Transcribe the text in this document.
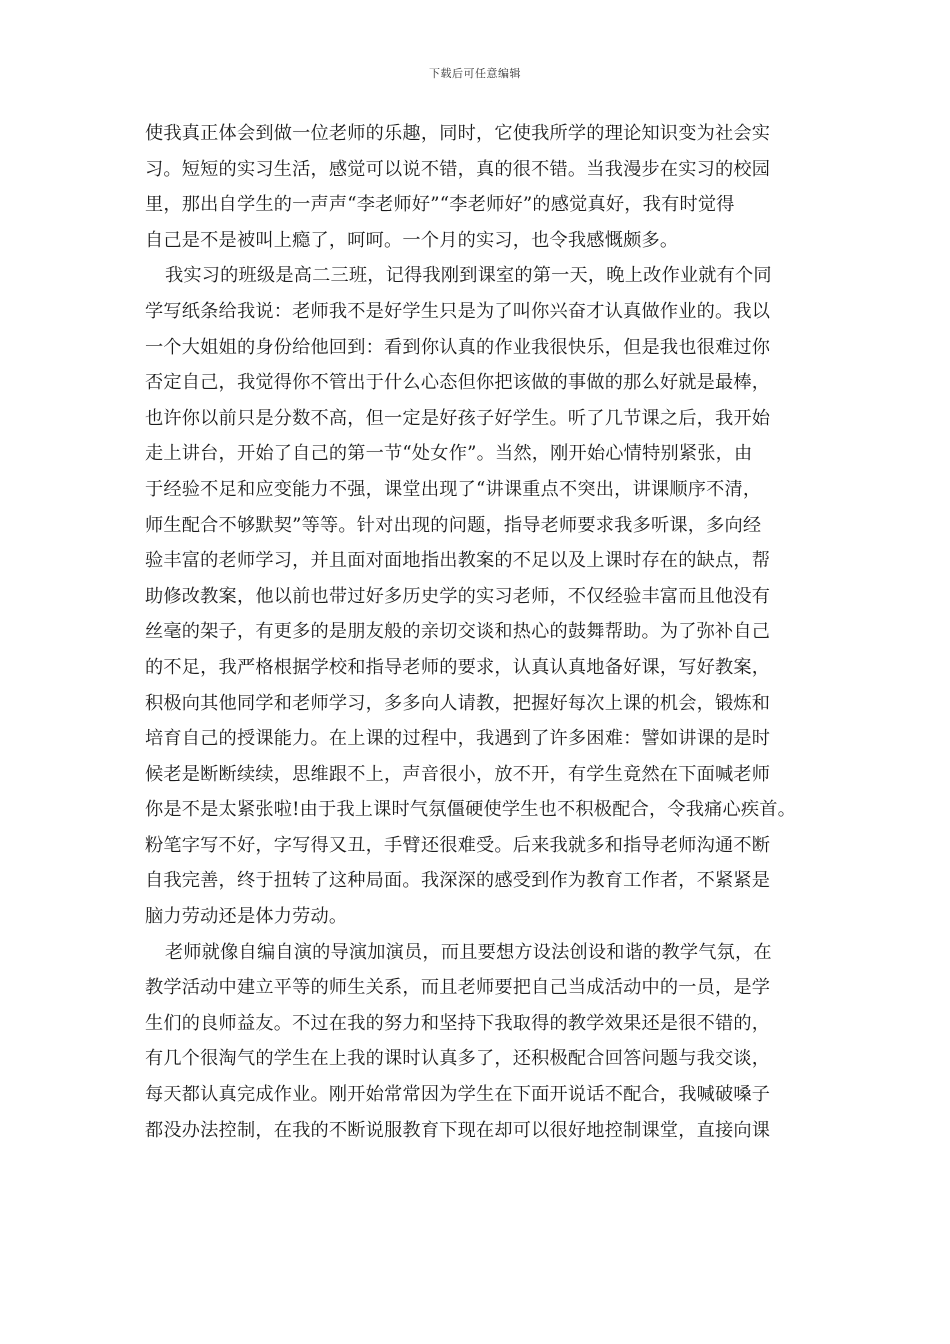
下载后可任意编辑
使我真正体会到做一位老师的乐趣，同时，它使我所学的理论知识变为社会实
习。短短的实习生活，感觉可以说不错，真的很不错。当我漫步在实习的校园
里，那出自学生的一声声“李老师好”“李老师好”的感觉真好，我有时觉得
自己是不是被叫上瘾了，呵呵。一个月的实习，也令我感慨颇多。
我实习的班级是高二三班，记得我刚到课室的第一天，晚上改作业就有个同
学写纸条给我说：老师我不是好学生只是为了叫你兴奋才认真做作业的。我以
一个大姐姐的身份给他回到：看到你认真的作业我很快乐，但是我也很难过你
否定自己，我觉得你不管出于什么心态但你把该做的事做的那么好就是最棒，
也许你以前只是分数不高，但一定是好孩子好学生。听了几节课之后，我开始
走上讲台，开始了自己的第一节“处女作”。当然，刚开始心情特别紧张，由
于经验不足和应变能力不强，课堂出现了“讲课重点不突出，讲课顺序不清，
师生配合不够默契”等等。针对出现的问题，指导老师要求我多听课，多向经
验丰富的老师学习，并且面对面地指出教案的不足以及上课时存在的缺点，帮
助修改教案，他以前也带过好多历史学的实习老师，不仅经验丰富而且他没有
丝毫的架子，有更多的是朋友般的亲切交谈和热心的鼓舞帮助。为了弥补自己
的不足，我严格根据学校和指导老师的要求，认真认真地备好课，写好教案，
积极向其他同学和老师学习，多多向人请教，把握好每次上课的机会，锻炼和
培育自己的授课能力。在上课的过程中，我遇到了许多困难：譬如讲课的是时
候老是断断续续，思维跟不上，声音很小，放不开，有学生竟然在下面喊老师
你是不是太紧张啦!由于我上课时气氛僵硬使学生也不积极配合，令我痛心疾首。
粉笔字写不好，字写得又丑，手臂还很难受。后来我就多和指导老师沟通不断
自我完善，终于扭转了这种局面。我深深的感受到作为教育工作者，不紧紧是
脑力劳动还是体力劳动。
老师就像自编自演的导演加演员，而且要想方设法创设和谐的教学气氛，在
教学活动中建立平等的师生关系，而且老师要把自己当成活动中的一员，是学
生们的良师益友。不过在我的努力和坚持下我取得的教学效果还是很不错的，
有几个很淘气的学生在上我的课时认真多了，还积极配合回答问题与我交谈，
每天都认真完成作业。刚开始常常因为学生在下面开说话不配合，我喊破嗓子
都没办法控制，在我的不断说服教育下现在却可以很好地控制课堂，直接向课
